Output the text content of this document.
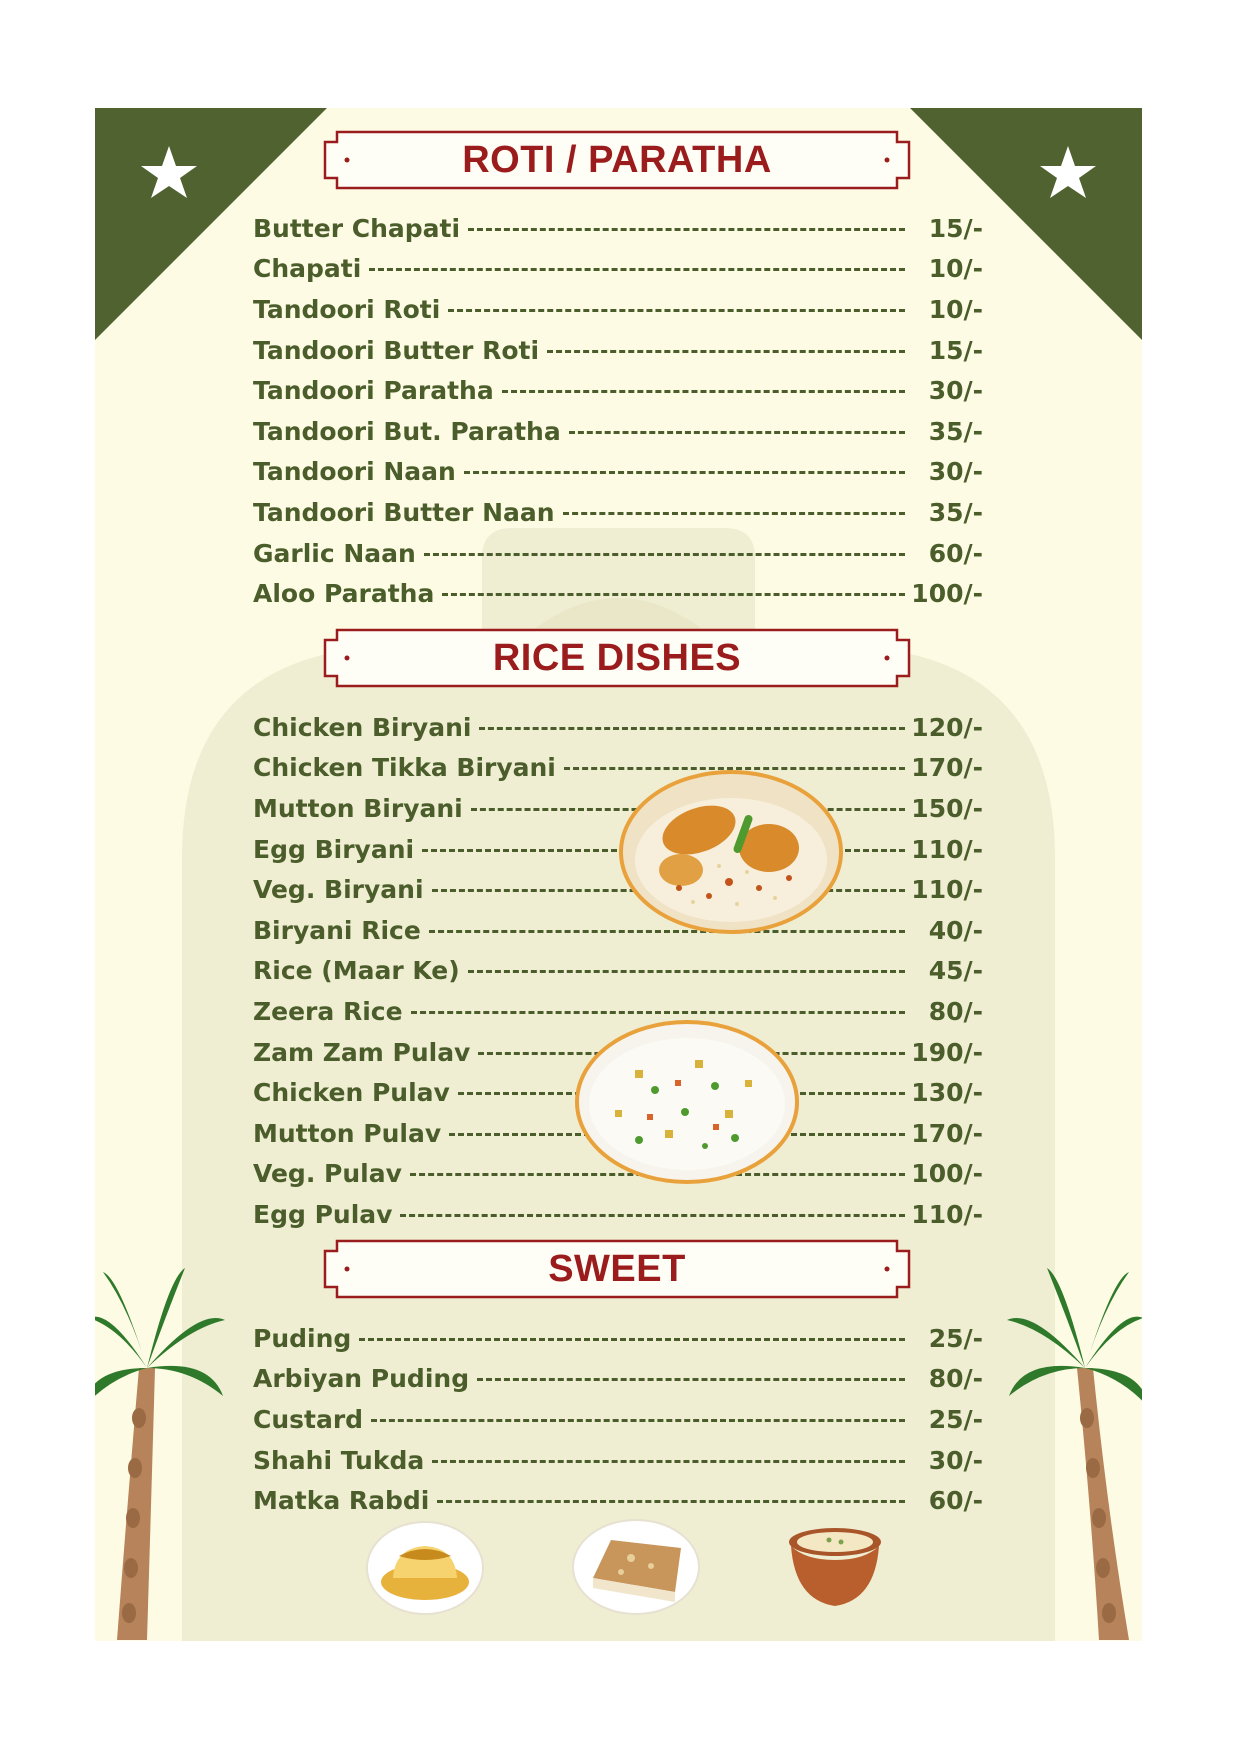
ROTI / PARATHA
Butter Chapati	15/-
Chapati	10/-
Tandoori Roti	10/-
Tandoori Butter Roti	15/-
Tandoori Paratha	30/-
Tandoori But. Paratha	35/-
Tandoori Naan	30/-
Tandoori Butter Naan	35/-
Garlic Naan	60/-
Aloo Paratha	100/-
RICE DISHES
Chicken Biryani	120/-
Chicken Tikka Biryani	170/-
Mutton Biryani	150/-
Egg Biryani	110/-
Veg. Biryani	110/-
Biryani Rice	40/-
Rice (Maar Ke)	45/-
Zeera Rice	80/-
Zam Zam Pulav	190/-
Chicken Pulav	130/-
Mutton Pulav	170/-
Veg. Pulav	100/-
Egg Pulav	110/-
SWEET
Puding	25/-
Arbiyan Puding	80/-
Custard	25/-
Shahi Tukda	30/-
Matka Rabdi	60/-
